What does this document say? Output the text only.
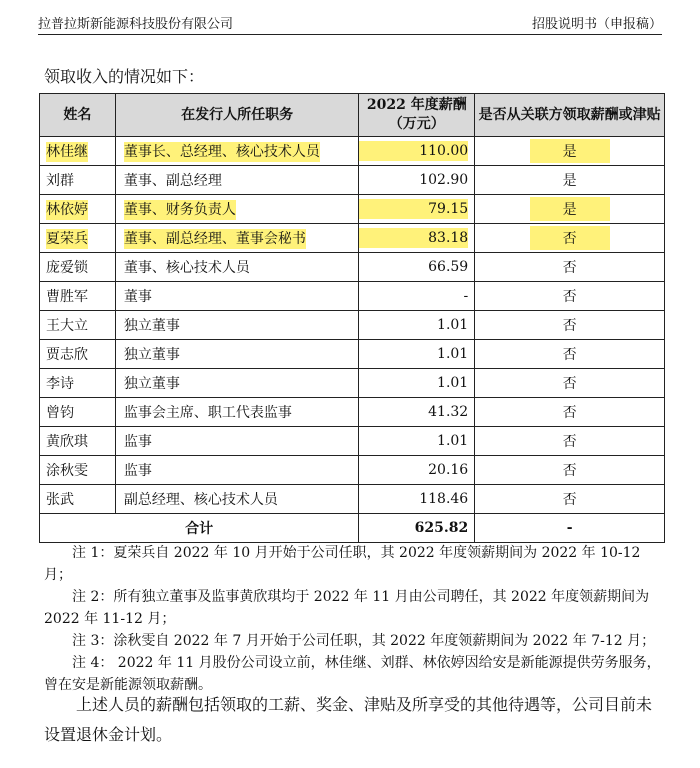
拉普拉斯新能源科技股份有限公司	招股说明书（申报稿）
领取收入的情况如下：
姓名	在发行人所任职务	2022 年度薪酬（万元）	是否从关联方领取薪酬或津贴
林佳继	董事长、总经理、核心技术人员	110.00	是
刘群	董事、副总经理	102.90	是
林依婷	董事、财务负责人	79.15	是
夏荣兵	董事、副总经理、董事会秘书	83.18	否
庞爱锁	董事、核心技术人员	66.59	否
曹胜军	董事	-	否
王大立	独立董事	1.01	否
贾志欣	独立董事	1.01	否
李诗	独立董事	1.01	否
曾钧	监事会主席、职工代表监事	41.32	否
黄欣琪	监事	1.01	否
涂秋雯	监事	20.16	否
张武	副总经理、核心技术人员	118.46	否
合计		625.82	-

注 1：夏荣兵自 2022 年 10 月开始于公司任职，其 2022 年度领薪期间为 2022 年 10-12 月；

注 2：所有独立董事及监事黄欣琪均于 2022 年 11 月由公司聘任，其 2022 年度领薪期间为 2022 年 11-12 月；

注 3：涂秋雯自 2022 年 7 月开始于公司任职，其 2022 年度领薪期间为 2022 年 7-12 月；

注 4： 2022 年 11 月股份公司设立前，林佳继、刘群、林依婷因给安是新能源提供劳务服务，曾在安是新能源领取薪酬。

上述人员的薪酬包括领取的工薪、奖金、津贴及所享受的其他待遇等，公司目前未设置退休金计划。
